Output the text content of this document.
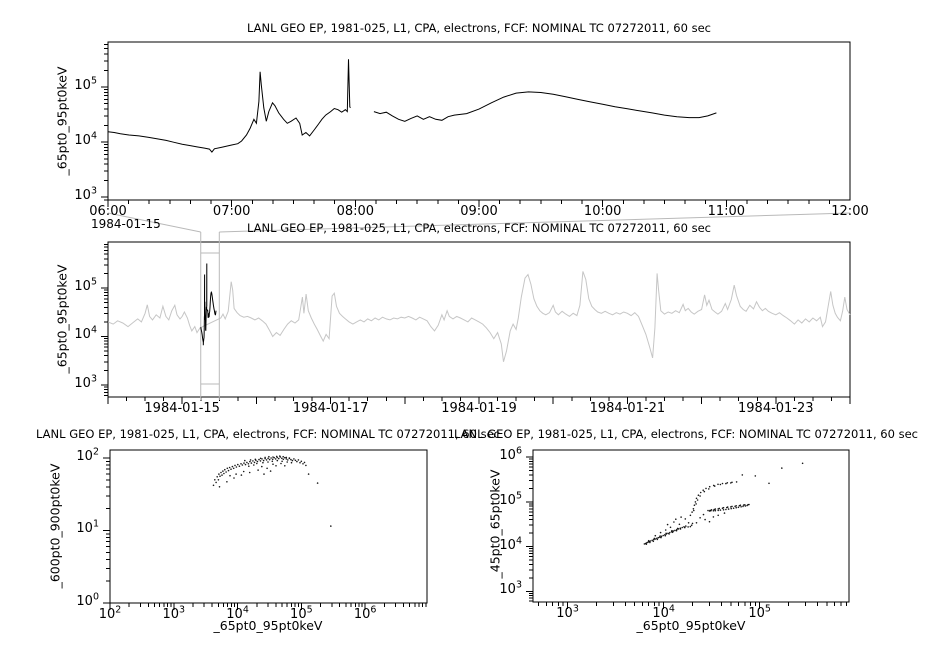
LANL GEO EP, 1981-025, L1, CPA, electrons, FCF: NOMINAL TC 07272011, 60 sec
LANL GEO EP, 1981-025, L1, CPA, electrons, FCF: NOMINAL TC 07272011, 60 sec
LANL GEO EP, 1981-025, L1, CPA, electrons, FCF: NOMINAL TC 07272011, 60 sec
LANL GEO EP, 1981-025, L1, CPA, electrons, FCF: NOMINAL TC 07272011, 60 sec
_65pt0_95pt0keV
_65pt0_95pt0keV
_600pt0_900pt0keV	_45pt0_65pt0keV
_65pt0_95pt0keV	_65pt0_95pt0keV
1984-01-15
$10^3$
$10^4$
$10^5$
06:00	07:00	08:00	09:00	10:00	11:00	12:00
$10^3$
$10^4$
$10^5$
1984-01-15	1984-01-17	1984-01-19	1984-01-21	1984-01-23
$10^0$
$10^1$
$10^2$
$10^2$	$10^3$	$10^4$	$10^5$	$10^6$
$10^3$
$10^4$
$10^5$
$10^6$
$10^3$	$10^4$	$10^5$
